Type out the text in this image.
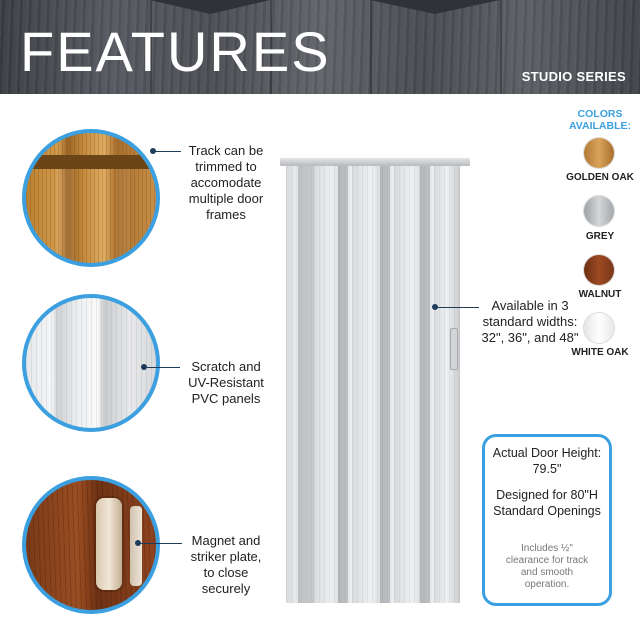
FEATURES	STUDIO SERIES
Track can be trimmed to accomodate multiple door frames
Scratch and UV-Resistant PVC panels
Magnet and striker plate, to close securely
Available in 3 standard widths: 32", 36", and 48"
COLORS AVAILABLE:
GOLDEN OAK
GREY
WALNUT
WHITE OAK
Actual Door Height: 79.5"
Designed for 80"H Standard Openings
Includes ½" clearance for track and smooth operation.
